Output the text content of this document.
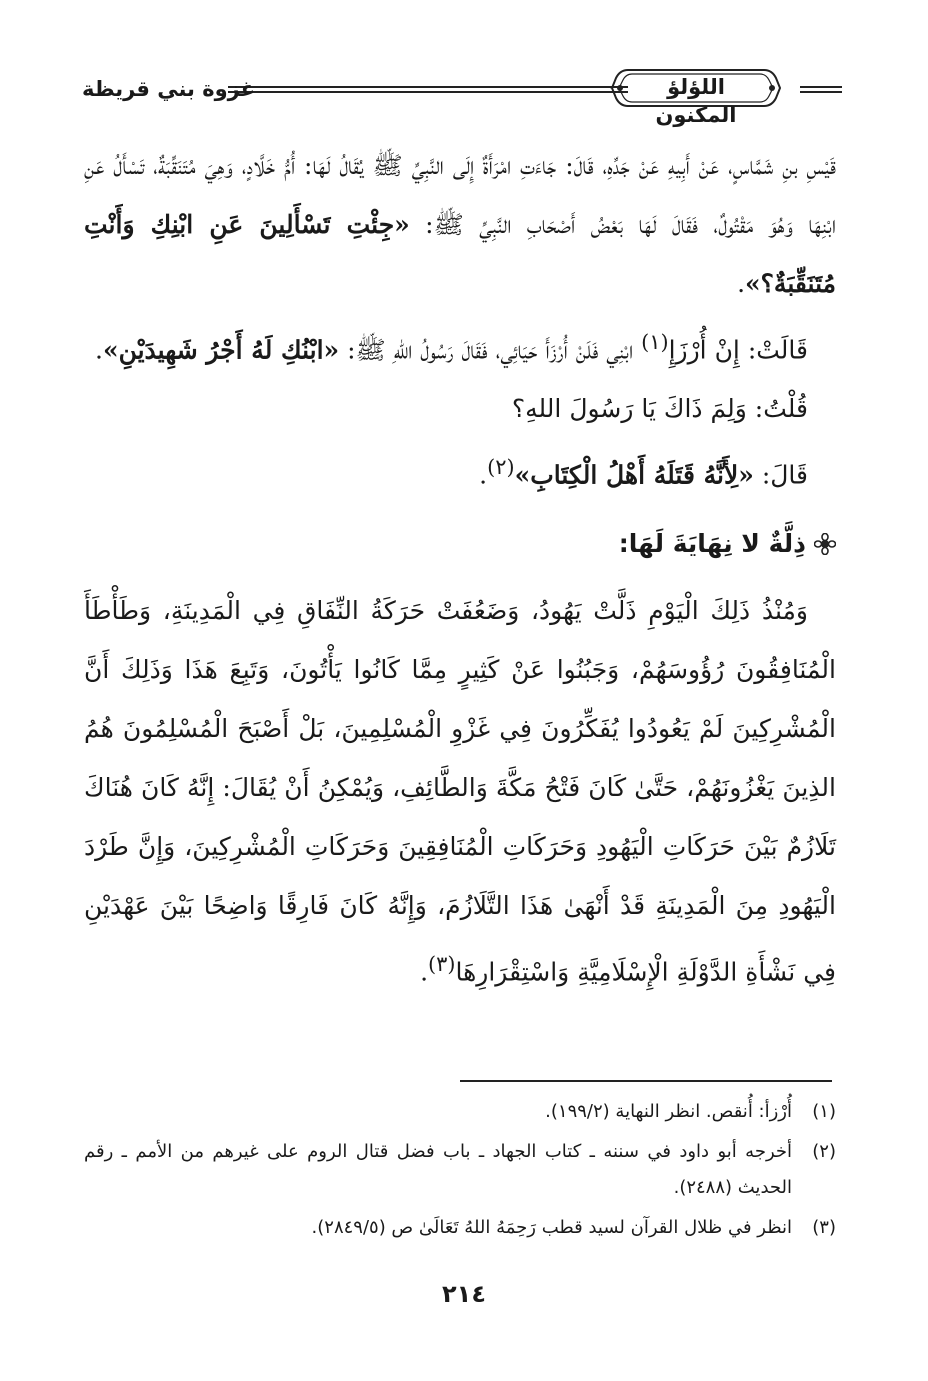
اللؤلؤ المكنون
غزوة بني قريظة

قَيْسِ بنِ شَمَّاسٍ، عَنْ أَبِيهِ عَنْ جَدِّهِ، قَالَ: جَاءَتِ امْرَأَةٌ إِلَى النَّبِيِّ ﷺ يُقَالُ لَهَا: أُمُّ خَلَّادٍ، وَهِيَ مُتَنَقِّبَةٌ، تَسْأَلُ عَنِ ابْنِهَا وَهُوَ مَقْتُولٌ، فَقَالَ لَهَا بَعْضُ أَصْحَابِ النَّبِيِّ ﷺ: «جِئْتِ تَسْأَلِينَ عَنِ ابْنِكِ وَأَنْتِ مُتَنَقِّبَةٌ؟».

قَالَتْ: إِنْ أُرْزَإِ$^{(١)}$ ابْنِي فَلَنْ أُرْزَأَ حَيَائِي، فَقَالَ رَسُولُ اللهِ ﷺ: «ابْنُكِ لَهُ أَجْرُ شَهِيدَيْنِ».

قُلْتُ: وَلِمَ ذَاكَ يَا رَسُولَ اللهِ؟

قَالَ: «لِأَنَّهُ قَتَلَهُ أَهْلُ الْكِتَابِ»$^{(٢)}$.

ذِلَّةٌ لا نِهَايَةَ لَهَا:

وَمُنْذُ ذَلِكَ الْيَوْمِ ذَلَّتْ يَهُودُ، وَضَعُفَتْ حَرَكَةُ النِّفَاقِ فِي الْمَدِينَةِ، وَطَأْطَأَ الْمُنَافِقُونَ رُؤُوسَهُمْ، وَجَبُنُوا عَنْ كَثِيرٍ مِمَّا كَانُوا يَأْتُونَ، وَتَبِعَ هَذَا وَذَلِكَ أَنَّ الْمُشْرِكِينَ لَمْ يَعُودُوا يُفَكِّرُونَ فِي غَزْوِ الْمُسْلِمِينَ، بَلْ أَصْبَحَ الْمُسْلِمُونَ هُمُ الذِينَ يَغْزُونَهُمْ، حَتَّىٰ كَانَ فَتْحُ مَكَّةَ وَالطَّائِفِ، وَيُمْكِنُ أَنْ يُقَالَ: إِنَّهُ كَانَ هُنَاكَ تَلَازُمٌ بَيْنَ حَرَكَاتِ الْيَهُودِ وَحَرَكَاتِ الْمُنَافِقِينَ وَحَرَكَاتِ الْمُشْرِكِينَ، وَإِنَّ طَرْدَ الْيَهُودِ مِنَ الْمَدِينَةِ قَدْ أَنْهَىٰ هَذَا التَّلَازُمَ، وَإِنَّهُ كَانَ فَارِقًا وَاضِحًا بَيْنَ عَهْدَيْنِ فِي نَشْأَةِ الدَّوْلَةِ الْإِسْلَامِيَّةِ وَاسْتِقْرَارِهَا$^{(٣)}$.

(١)
أُرْزأ: أُنقص. انظر النهاية (١٩٩/٢).
(٢)
أخرجه أبو داود في سننه ـ كتاب الجهاد ـ باب فضل قتال الروم على غيرهم من الأمم ـ رقم الحديث (٢٤٨٨).
(٣)
انظر في ظلال القرآن لسيد قطب رَحِمَهُ اللهُ تَعَالَىٰ ص (٢٨٤٩/٥).
٢١٤
